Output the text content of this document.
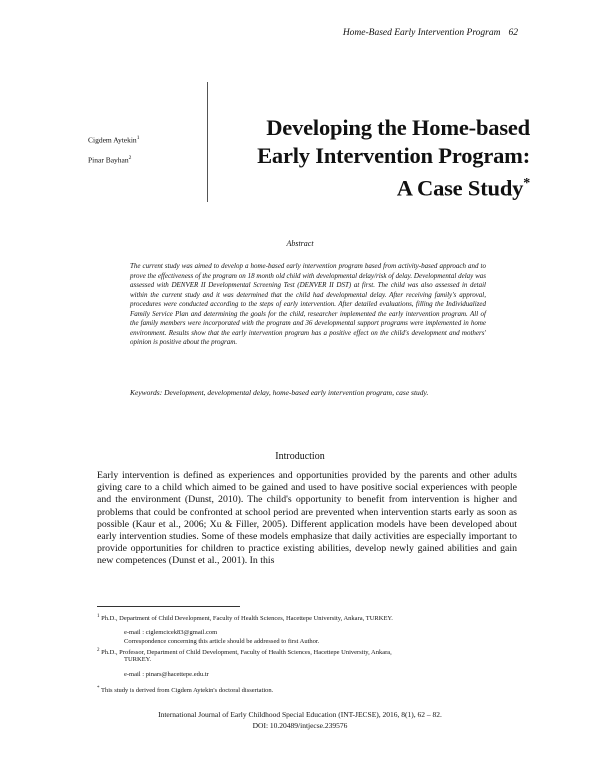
Home-Based Early Intervention Program 62
Cigdem Aytekin$^1$
Pinar Bayhan$^2$
Developing the Home-based
Early Intervention Program:
A Case Study*
Abstract
The current study was aimed to develop a home-based early intervention program based from activity-based approach and to prove the effectiveness of the program on 18 month old child with developmental delay/risk of delay. Developmental delay was assessed with DENVER II Developmental Screening Test (DENVER II DST) at first. The child was also assessed in detail within the current study and it was determined that the child had developmental delay. After receiving family's approval, procedures were conducted according to the steps of early intervention. After detailed evaluations, filling the Individualized Family Service Plan and determining the goals for the child, researcher implemented the early intervention program. All of the family members were incorporated with the program and 36 developmental support programs were implemented in home environment. Results show that the early intervention program has a positive effect on the child's development and mothers' opinion is positive about the program.
Keywords: Development, developmental delay, home-based early intervention program, case study.
Introduction
Early intervention is defined as experiences and opportunities provided by the parents and other adults giving care to a child which aimed to be gained and used to have positive social experiences with people and the environment (Dunst, 2010). The child's opportunity to benefit from intervention is higher and problems that could be confronted at school period are prevented when intervention starts early as soon as possible (Kaur et al., 2006; Xu & Filler, 2005). Different application models have been developed about early intervention studies. Some of these models emphasize that daily activities are especially important to provide opportunities for children to practice existing abilities, develop newly gained abilities and gain new competences (Dunst et al., 2001). In this
$^1$ Ph.D., Department of Child Development, Faculty of Health Sciences, Hacettepe University, Ankara, TURKEY.
e-mail : ciglemcicek83@gmail.com
Correspondence concerning this article should be addressed to first Author.
$^2$ Ph.D., Professor, Department of Child Development, Faculty of Health Sciences, Hacettepe University, Ankara,
TURKEY.
e-mail : pinars@hacettepe.edu.tr
* This study is derived from Cigdem Aytekin's doctoral dissertation.
International Journal of Early Childhood Special Education (INT-JECSE), 2016, 8(1), 62 – 82.
DOI: 10.20489/intjecse.239576
